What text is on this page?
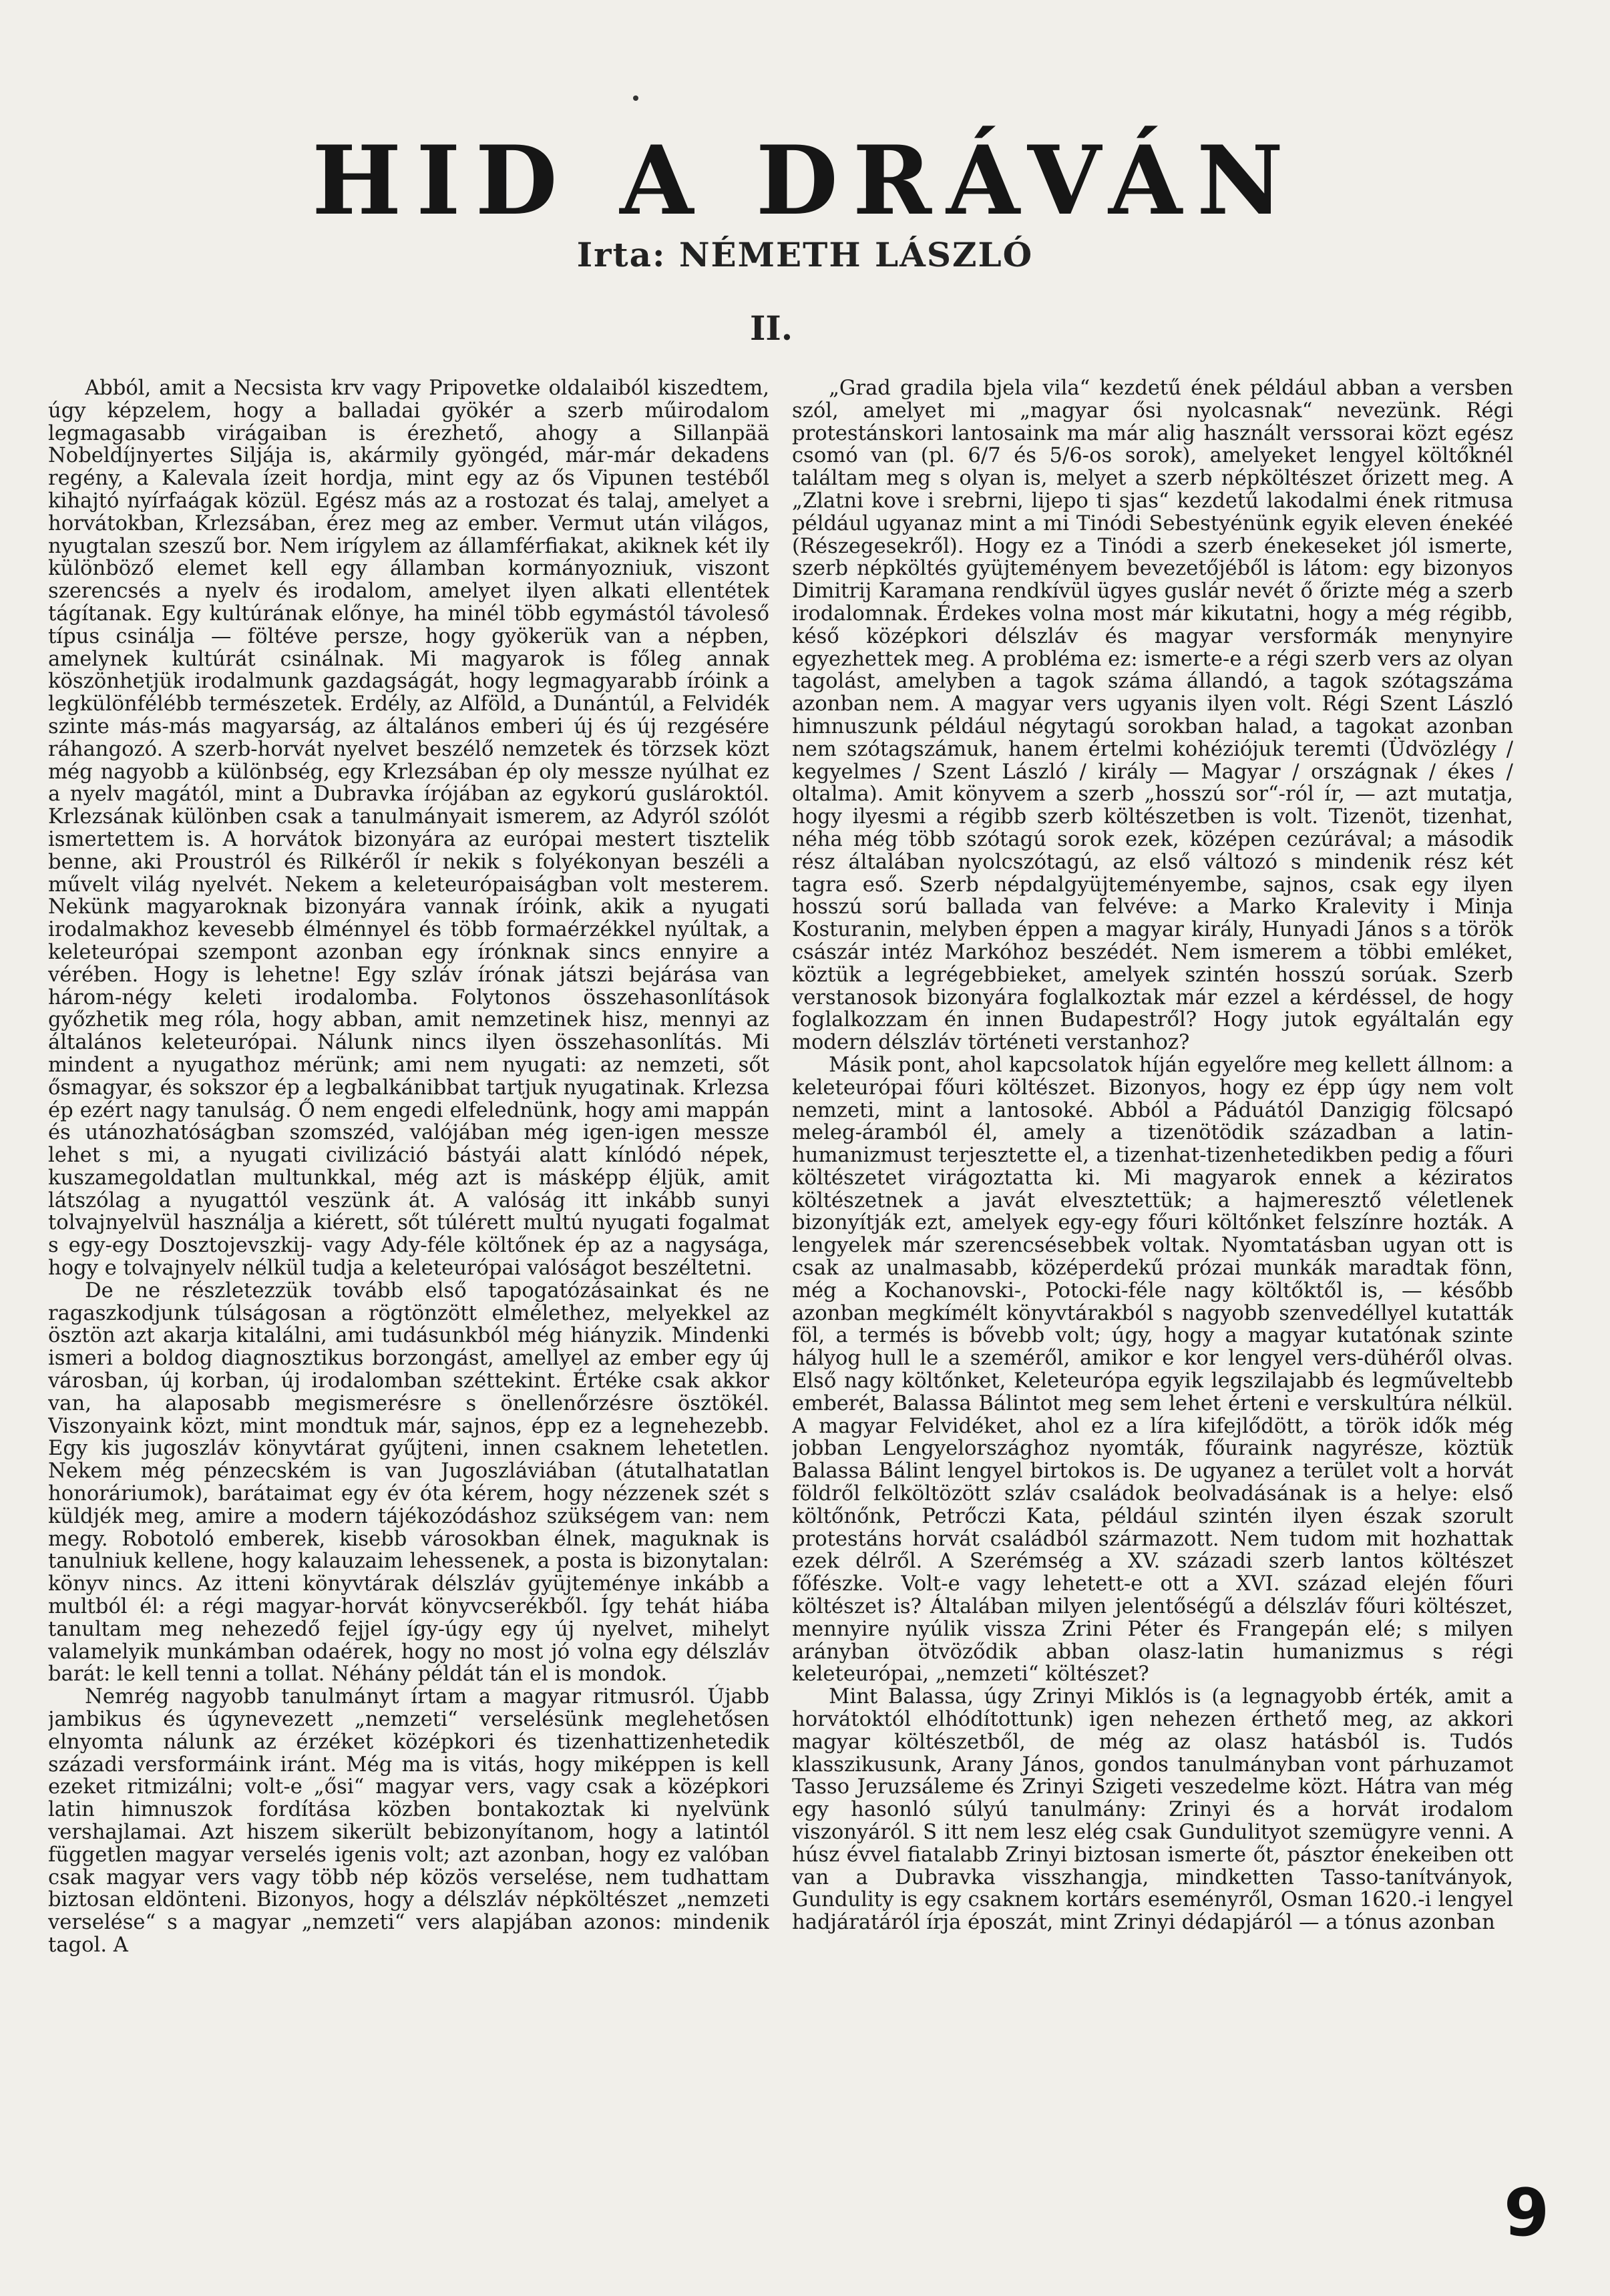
HID A DRÁVÁN
Irta: NÉMETH LÁSZLÓ
II.

Abból, amit a Necsista krv vagy Pripovetke oldalaiból kiszedtem, úgy képzelem, hogy a balladai gyökér a szerb műirodalom legmagasabb virágaiban is érezhető, ahogy a Sillanpää Nobeldíjnyertes Siljája is, akármily gyöngéd, már-már dekadens regény, a Kalevala ízeit hordja, mint egy az ős Vipunen testéből kihajtó nyírfaágak közül. Egész más az a rostozat és talaj, amelyet a horvátokban, Krlezsában, érez meg az ember. Vermut után világos, nyugtalan szeszű bor. Nem irígylem az államférfiakat, akiknek két ily különböző elemet kell egy államban kormányozniuk, viszont szerencsés a nyelv és irodalom, amelyet ilyen alkati ellentétek tágítanak. Egy kultúrának előnye, ha minél több egymástól távoleső típus csinálja — föltéve persze, hogy gyökerük van a népben, amelynek kultúrát csinálnak. Mi magyarok is főleg annak köszönhetjük irodalmunk gazdagságát, hogy legmagyarabb íróink a legkülönfélébb természetek. Erdély, az Alföld, a Dunántúl, a Felvidék szinte más-más magyarság, az általános emberi új és új rezgésére ráhangozó. A szerb-horvát nyelvet beszélő nemzetek és törzsek közt még nagyobb a különbség, egy Krlezsában ép oly messze nyúlhat ez a nyelv magától, mint a Dubravka írójában az egykorú guslároktól. Krlezsának különben csak a tanulmányait ismerem, az Adyról szólót ismertettem is. A horvátok bizonyára az európai mestert tisztelik benne, aki Proustról és Rilkéről ír nekik s folyékonyan beszéli a művelt világ nyelvét. Nekem a keleteurópaiságban volt mesterem. Nekünk magyaroknak bizonyára vannak íróink, akik a nyugati irodalmakhoz kevesebb élménnyel és több formaérzékkel nyúltak, a keleteurópai szempont azonban egy írónknak sincs ennyire a vérében. Hogy is lehetne! Egy szláv írónak játszi bejárása van három-négy keleti irodalomba. Folytonos összehasonlítások győzhetik meg róla, hogy abban, amit nemzetinek hisz, mennyi az általános keleteurópai. Nálunk nincs ilyen összehasonlítás. Mi mindent a nyugathoz mérünk; ami nem nyugati: az nemzeti, sőt ősmagyar, és sokszor ép a legbalkánibbat tartjuk nyugatinak. Krlezsa ép ezért nagy tanulság. Ő nem engedi elfelednünk, hogy ami mappán és utánozhatóságban szomszéd, valójában még igen-igen messze lehet s mi, a nyugati civilizáció bástyái alatt kínlódó népek, kuszamegoldatlan multunkkal, még azt is másképp éljük, amit látszólag a nyugattól veszünk át. A valóság itt inkább sunyi tolvajnyelvül használja a kiérett, sőt túlérett multú nyugati fogalmat s egy-egy Dosztojevszkij- vagy Ady-féle költőnek ép az a nagysága, hogy e tolvajnyelv nélkül tudja a keleteurópai valóságot beszéltetni.

De ne részletezzük tovább első tapogatózásainkat és ne ragaszkodjunk túlságosan a rögtönzött elmélethez, melyekkel az ösztön azt akarja kitalálni, ami tudásunkból még hiányzik. Mindenki ismeri a boldog diagnosztikus borzongást, amellyel az ember egy új városban, új korban, új irodalomban széttekint. Értéke csak akkor van, ha alaposabb megismerésre s önellenőrzésre ösztökél. Viszonyaink közt, mint mondtuk már, sajnos, épp ez a legnehezebb. Egy kis jugoszláv könyvtárat gyűjteni, innen csaknem lehetetlen. Nekem még pénzecském is van Jugoszláviában (átutalhatatlan honoráriumok), barátaimat egy év óta kérem, hogy nézzenek szét s küldjék meg, amire a modern tájékozódáshoz szükségem van: nem megy. Robotoló emberek, kisebb városokban élnek, maguknak is tanulniuk kellene, hogy kalauzaim lehessenek, a posta is bizonytalan: könyv nincs. Az itteni könyvtárak délszláv gyüjteménye inkább a multból él: a régi magyar-horvát könyvcserékből. Így tehát hiába tanultam meg nehezedő fejjel így-úgy egy új nyelvet, mihelyt valamelyik munkámban odaérek, hogy no most jó volna egy délszláv barát: le kell tenni a tollat. Néhány példát tán el is mondok.

Nemrég nagyobb tanulmányt írtam a magyar ritmusról. Újabb jambikus és úgynevezett „nemzeti“ verselésünk meglehetősen elnyomta nálunk az érzéket középkori és tizenhattizenhetedik századi versformáink iránt. Még ma is vitás, hogy miképpen is kell ezeket ritmizálni; volt-e „ősi“ magyar vers, vagy csak a középkori latin himnuszok fordítása közben bontakoztak ki nyelvünk vershajlamai. Azt hiszem sikerült bebizonyítanom, hogy a latintól független magyar verselés igenis volt; azt azonban, hogy ez valóban csak magyar vers vagy több nép közös verselése, nem tudhattam biztosan eldönteni. Bizonyos, hogy a délszláv népköltészet „nemzeti verselése“ s a magyar „nemzeti“ vers alapjában azonos: mindenik tagol. A

„Grad gradila bjela vila“ kezdetű ének például abban a versben szól, amelyet mi „magyar ősi nyolcasnak“ nevezünk. Régi protestánskori lantosaink ma már alig használt verssorai közt egész csomó van (pl. 6/7 és 5/6-os sorok), amelyeket lengyel költőknél találtam meg s olyan is, melyet a szerb népköltészet őrizett meg. A „Zlatni kove i srebrni, lijepo ti sjas“ kezdetű lakodalmi ének ritmusa például ugyanaz mint a mi Tinódi Sebestyénünk egyik eleven énekéé (Részegesekről). Hogy ez a Tinódi a szerb énekeseket jól ismerte, szerb népköltés gyüjteményem bevezetőjéből is látom: egy bizonyos Dimitrij Karamana rendkívül ügyes guslár nevét ő őrizte még a szerb irodalomnak. Érdekes volna most már kikutatni, hogy a még régibb, késő középkori délszláv és magyar versformák menynyire egyezhettek meg. A probléma ez: ismerte-e a régi szerb vers az olyan tagolást, amelyben a tagok száma állandó, a tagok szótagszáma azonban nem. A magyar vers ugyanis ilyen volt. Régi Szent László himnuszunk például négytagú sorokban halad, a tagokat azonban nem szótagszámuk, hanem értelmi kohéziójuk teremti (Üdvözlégy / kegyelmes / Szent László / király — Magyar / országnak / ékes / oltalma). Amit könyvem a szerb „hosszú sor“-ról ír, — azt mutatja, hogy ilyesmi a régibb szerb költészetben is volt. Tizenöt, tizenhat, néha még több szótagú sorok ezek, középen cezúrával; a második rész általában nyolcszótagú, az első változó s mindenik rész két tagra eső. Szerb népdalgyüjteményembe, sajnos, csak egy ilyen hosszú sorú ballada van felvéve: a Marko Kralevity i Minja Kosturanin, melyben éppen a magyar király, Hunyadi János s a török császár intéz Markóhoz beszédét. Nem ismerem a többi emléket, köztük a legrégebbieket, amelyek szintén hosszú sorúak. Szerb verstanosok bizonyára foglalkoztak már ezzel a kérdéssel, de hogy foglalkozzam én innen Budapestről? Hogy jutok egyáltalán egy modern délszláv történeti verstanhoz?

Másik pont, ahol kapcsolatok híján egyelőre meg kellett állnom: a keleteurópai főuri költészet. Bizonyos, hogy ez épp úgy nem volt nemzeti, mint a lantosoké. Abból a Páduától Danzigig fölcsapó meleg-áramból él, amely a tizenötödik században a latin-humanizmust terjesztette el, a tizenhat-tizenhetedikben pedig a főuri költészetet virágoztatta ki. Mi magyarok ennek a kéziratos költészetnek a javát elvesztettük; a hajmeresztő véletlenek bizonyítják ezt, amelyek egy-egy főuri költőnket felszínre hozták. A lengyelek már szerencsésebbek voltak. Nyomtatásban ugyan ott is csak az unalmasabb, középerdekű prózai munkák maradtak fönn, még a Kochanovski-, Potocki-féle nagy költőktől is, — később azonban megkímélt könyvtárakból s nagyobb szenvedéllyel kutatták föl, a termés is bővebb volt; úgy, hogy a magyar kutatónak szinte hályog hull le a szeméről, amikor e kor lengyel vers-dühéről olvas. Első nagy költőnket, Keleteurópa egyik legszilajabb és legműveltebb emberét, Balassa Bálintot meg sem lehet érteni e verskultúra nélkül. A magyar Felvidéket, ahol ez a líra kifejlődött, a török idők még jobban Lengyelországhoz nyomták, főuraink nagyrésze, köztük Balassa Bálint lengyel birtokos is. De ugyanez a terület volt a horvát földről felköltözött szláv családok beolvadásának is a helye: első költőnőnk, Petrőczi Kata, például szintén ilyen észak szorult protestáns horvát családból származott. Nem tudom mit hozhattak ezek délről. A Szerémség a XV. századi szerb lantos költészet főfészke. Volt-e vagy lehetett-e ott a XVI. század elején főuri költészet is? Általában milyen jelentőségű a délszláv főuri költészet, mennyire nyúlik vissza Zrini Péter és Frangepán elé; s milyen arányban ötvöződik abban olasz-latin humanizmus s régi keleteurópai, „nemzeti“ költészet?

Mint Balassa, úgy Zrinyi Miklós is (a legnagyobb érték, amit a horvátoktól elhódítottunk) igen nehezen érthető meg, az akkori magyar költészetből, de még az olasz hatásból is. Tudós klasszikusunk, Arany János, gondos tanulmányban vont párhuzamot Tasso Jeruzsáleme és Zrinyi Szigeti veszedelme közt. Hátra van még egy hasonló súlyú tanulmány: Zrinyi és a horvát irodalom viszonyáról. S itt nem lesz elég csak Gundulityot szemügyre venni. A húsz évvel fiatalabb Zrinyi biztosan ismerte őt, pásztor énekeiben ott van a Dubravka visszhangja, mindketten Tasso-tanítványok, Gundulity is egy csaknem kortárs eseményről, Osman 1620.-i lengyel hadjáratáról írja époszát, mint Zrinyi dédapjáról — a tónus azonban

9
